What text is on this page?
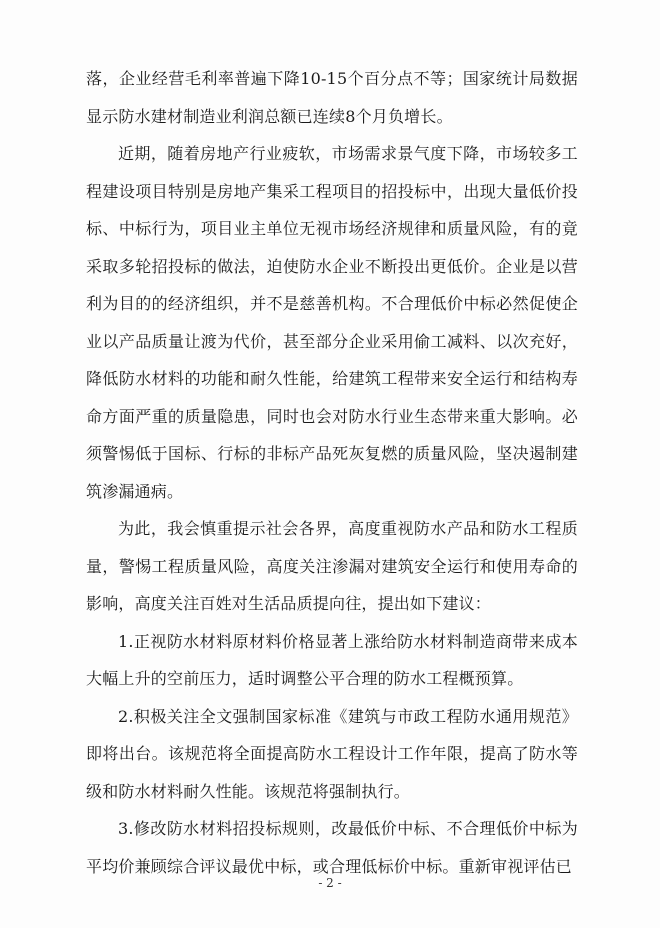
落，企业经营毛利率普遍下降10-15个百分点不等；国家统计局数据显示防水建材制造业利润总额已连续8个月负增长。

近期，随着房地产行业疲软，市场需求景气度下降，市场较多工程建设项目特别是房地产集采工程项目的招投标中，出现大量低价投标、中标行为，项目业主单位无视市场经济规律和质量风险，有的竟采取多轮招投标的做法，迫使防水企业不断投出更低价。企业是以营利为目的的经济组织，并不是慈善机构。不合理低价中标必然促使企业以产品质量让渡为代价，甚至部分企业采用偷工减料、以次充好，降低防水材料的功能和耐久性能，给建筑工程带来安全运行和结构寿命方面严重的质量隐患，同时也会对防水行业生态带来重大影响。必须警惕低于国标、行标的非标产品死灰复燃的质量风险，坚决遏制建筑渗漏通病。

为此，我会慎重提示社会各界，高度重视防水产品和防水工程质量，警惕工程质量风险，高度关注渗漏对建筑安全运行和使用寿命的影响，高度关注百姓对生活品质提向往，提出如下建议：

1.正视防水材料原材料价格显著上涨给防水材料制造商带来成本大幅上升的空前压力，适时调整公平合理的防水工程概预算。

2.积极关注全文强制国家标准《建筑与市政工程防水通用规范》即将出台。该规范将全面提高防水工程设计工作年限，提高了防水等级和防水材料耐久性能。该规范将强制执行。

3.修改防水材料招投标规则，改最低价中标、不合理低价中标为平均价兼顾综合评议最优中标，或合理低标价中标。重新审视评估已

- 2 -
